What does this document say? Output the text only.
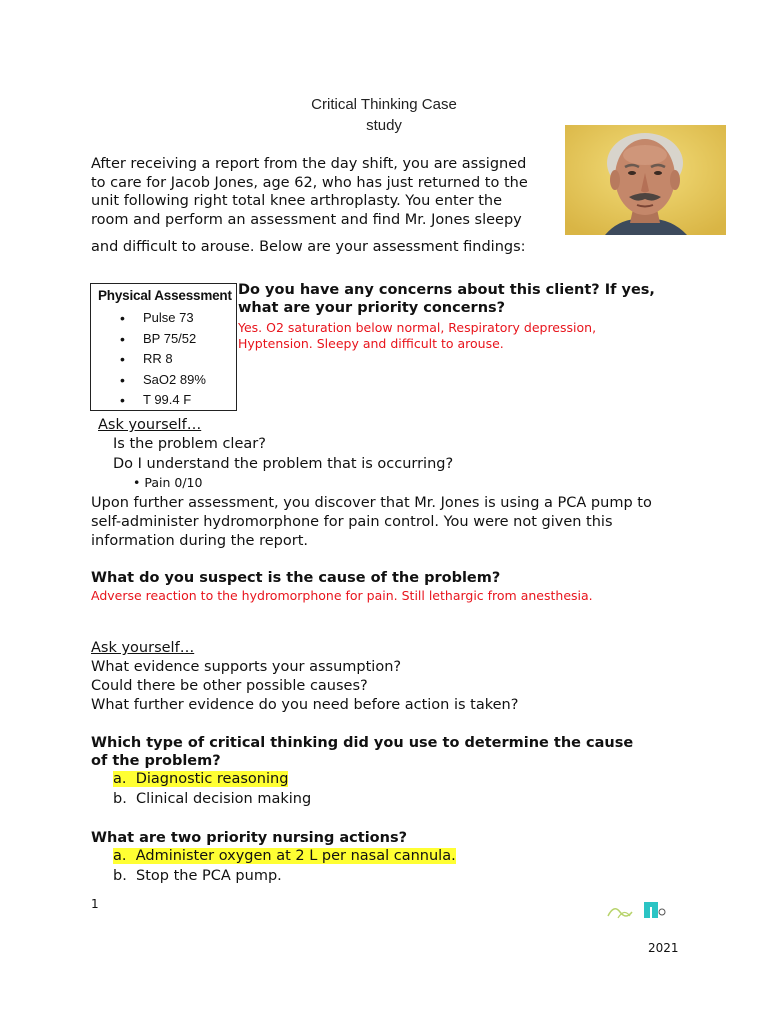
Critical Thinking Case
study
After receiving a report from the day shift, you are assigned
to care for Jacob Jones, age 62, who has just returned to the
unit following right total knee arthroplasty. You enter the
room and perform an assessment and find Mr. Jones sleepy
and difficult to arouse. Below are your assessment findings:
Physical Assessment
• Pulse 73
• BP 75/52
• RR 8
• SaO2 89%
• T 99.4 F
Do you have any concerns about this client? If yes,
what are your priority concerns?
Yes. O2 saturation below normal, Respiratory depression,
Hyptension. Sleepy and difficult to arouse.
Ask yourself…
Is the problem clear?
Do I understand the problem that is occurring?
• Pain 0/10
Upon further assessment, you discover that Mr. Jones is using a PCA pump to
self-administer hydromorphone for pain control. You were not given this
information during the report.
What do you suspect is the cause of the problem?
Adverse reaction to the hydromorphone for pain. Still lethargic from anesthesia.
Ask yourself…
What evidence supports your assumption?
Could there be other possible causes?
What further evidence do you need before action is taken?
Which type of critical thinking did you use to determine the cause
of the problem?
a. Diagnostic reasoning
b. Clinical decision making
What are two priority nursing actions?
a. Administer oxygen at 2 L per nasal cannula.
b. Stop the PCA pump.
1
2021
